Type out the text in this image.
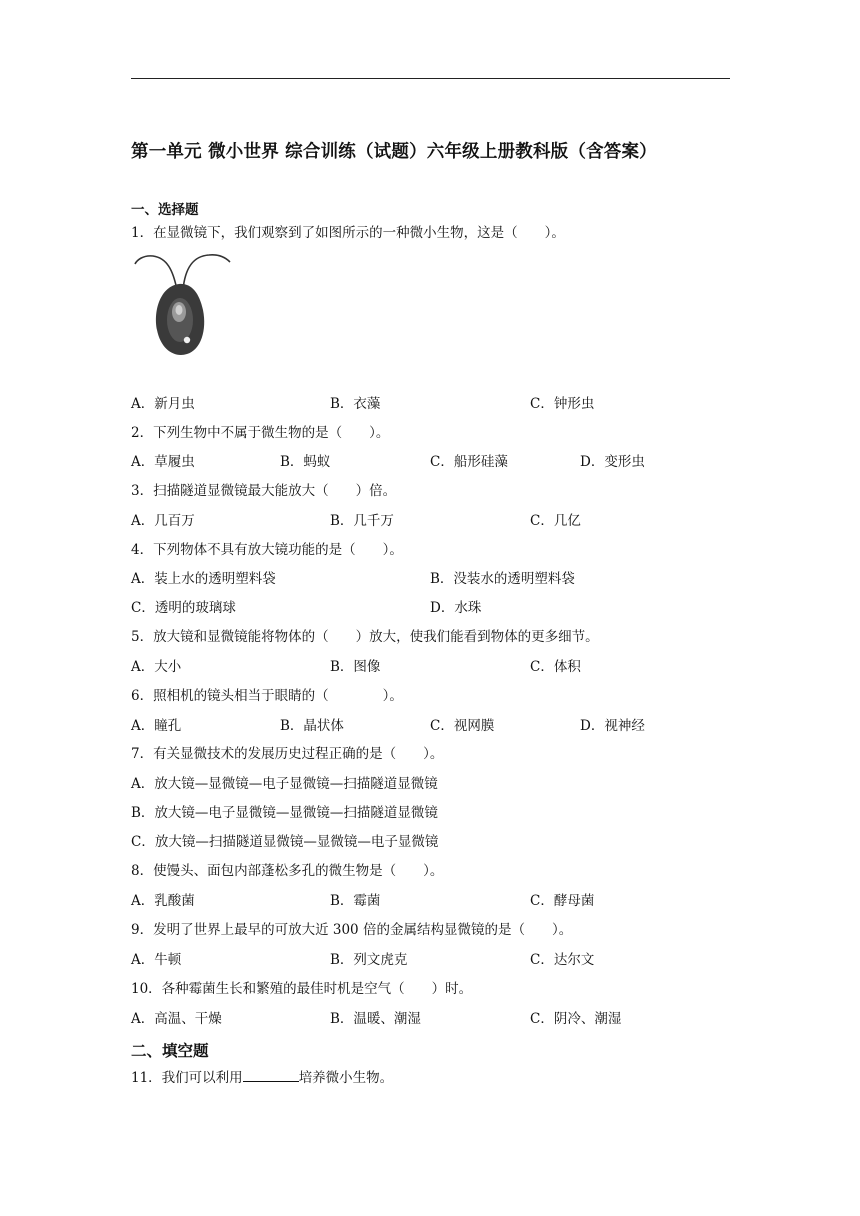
第一单元 微小世界 综合训练（试题）六年级上册教科版（含答案）
一、选择题
1．在显微镜下，我们观察到了如图所示的一种微小生物，这是（　　）。
A．新月虫	B．衣藻	C．钟形虫
2．下列生物中不属于微生物的是（　　）。
A．草履虫	B．蚂蚁	C．船形硅藻	D．变形虫
3．扫描隧道显微镜最大能放大（　　）倍。
A．几百万	B．几千万	C．几亿
4．下列物体不具有放大镜功能的是（　　）。
A．装上水的透明塑料袋	B．没装水的透明塑料袋
C．透明的玻璃球	D．水珠
5．放大镜和显微镜能将物体的（　　）放大，使我们能看到物体的更多细节。
A．大小	B．图像	C．体积
6．照相机的镜头相当于眼睛的（　　　　）。
A．瞳孔	B．晶状体	C．视网膜	D．视神经
7．有关显微技术的发展历史过程正确的是（　　）。
A．放大镜—显微镜—电子显微镜—扫描隧道显微镜
B．放大镜—电子显微镜—显微镜—扫描隧道显微镜
C．放大镜—扫描隧道显微镜—显微镜—电子显微镜
8．使馒头、面包内部蓬松多孔的微生物是（　　）。
A．乳酸菌	B．霉菌	C．酵母菌
9．发明了世界上最早的可放大近 300 倍的金属结构显微镜的是（　　）。
A．牛顿	B．列文虎克	C．达尔文
10．各种霉菌生长和繁殖的最佳时机是空气（　　）时。
A．高温、干燥	B．温暖、潮湿	C．阴冷、潮湿
二、填空题
11．我们可以利用	培养微小生物。
